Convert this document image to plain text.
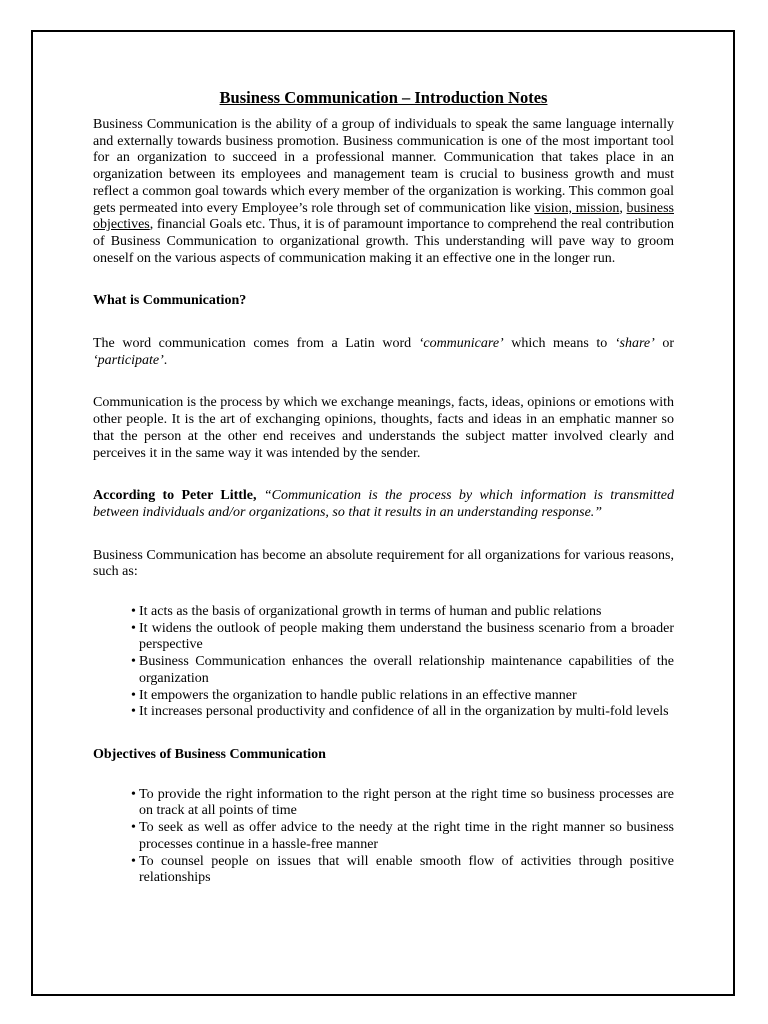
Business Communication – Introduction Notes

Business Communication is the ability of a group of individuals to speak the same language internally and externally towards business promotion. Business communication is one of the most important tool for an organization to succeed in a professional manner. Communication that takes place in an organization between its employees and management team is crucial to business growth and must reflect a common goal towards which every member of the organization is working. This common goal gets permeated into every Employee’s role through set of communication like vision, mission, business objectives, financial Goals etc. Thus, it is of paramount importance to comprehend the real contribution of Business Communication to organizational growth. This understanding will pave way to groom oneself on the various aspects of communication making it an effective one in the longer run.

What is Communication?

The word communication comes from a Latin word ‘communicare’ which means to ‘share’ or ‘participate’.

Communication is the process by which we exchange meanings, facts, ideas, opinions or emotions with other people. It is the art of exchanging opinions, thoughts, facts and ideas in an emphatic manner so that the person at the other end receives and understands the subject matter involved clearly and perceives it in the same way it was intended by the sender.

According to Peter Little, “Communication is the process by which information is transmitted between individuals and/or organizations, so that it results in an understanding response.”

Business Communication has become an absolute requirement for all organizations for various reasons, such as:

• It acts as the basis of organizational growth in terms of human and public relations
• It widens the outlook of people making them understand the business scenario from a broader perspective
• Business Communication enhances the overall relationship maintenance capabilities of the organization
• It empowers the organization to handle public relations in an effective manner
• It increases personal productivity and confidence of all in the organization by multi-fold levels
Objectives of Business Communication
• To provide the right information to the right person at the right time so business processes are on track at all points of time
• To seek as well as offer advice to the needy at the right time in the right manner so business processes continue in a hassle-free manner
• To counsel people on issues that will enable smooth flow of activities through positive relationships
